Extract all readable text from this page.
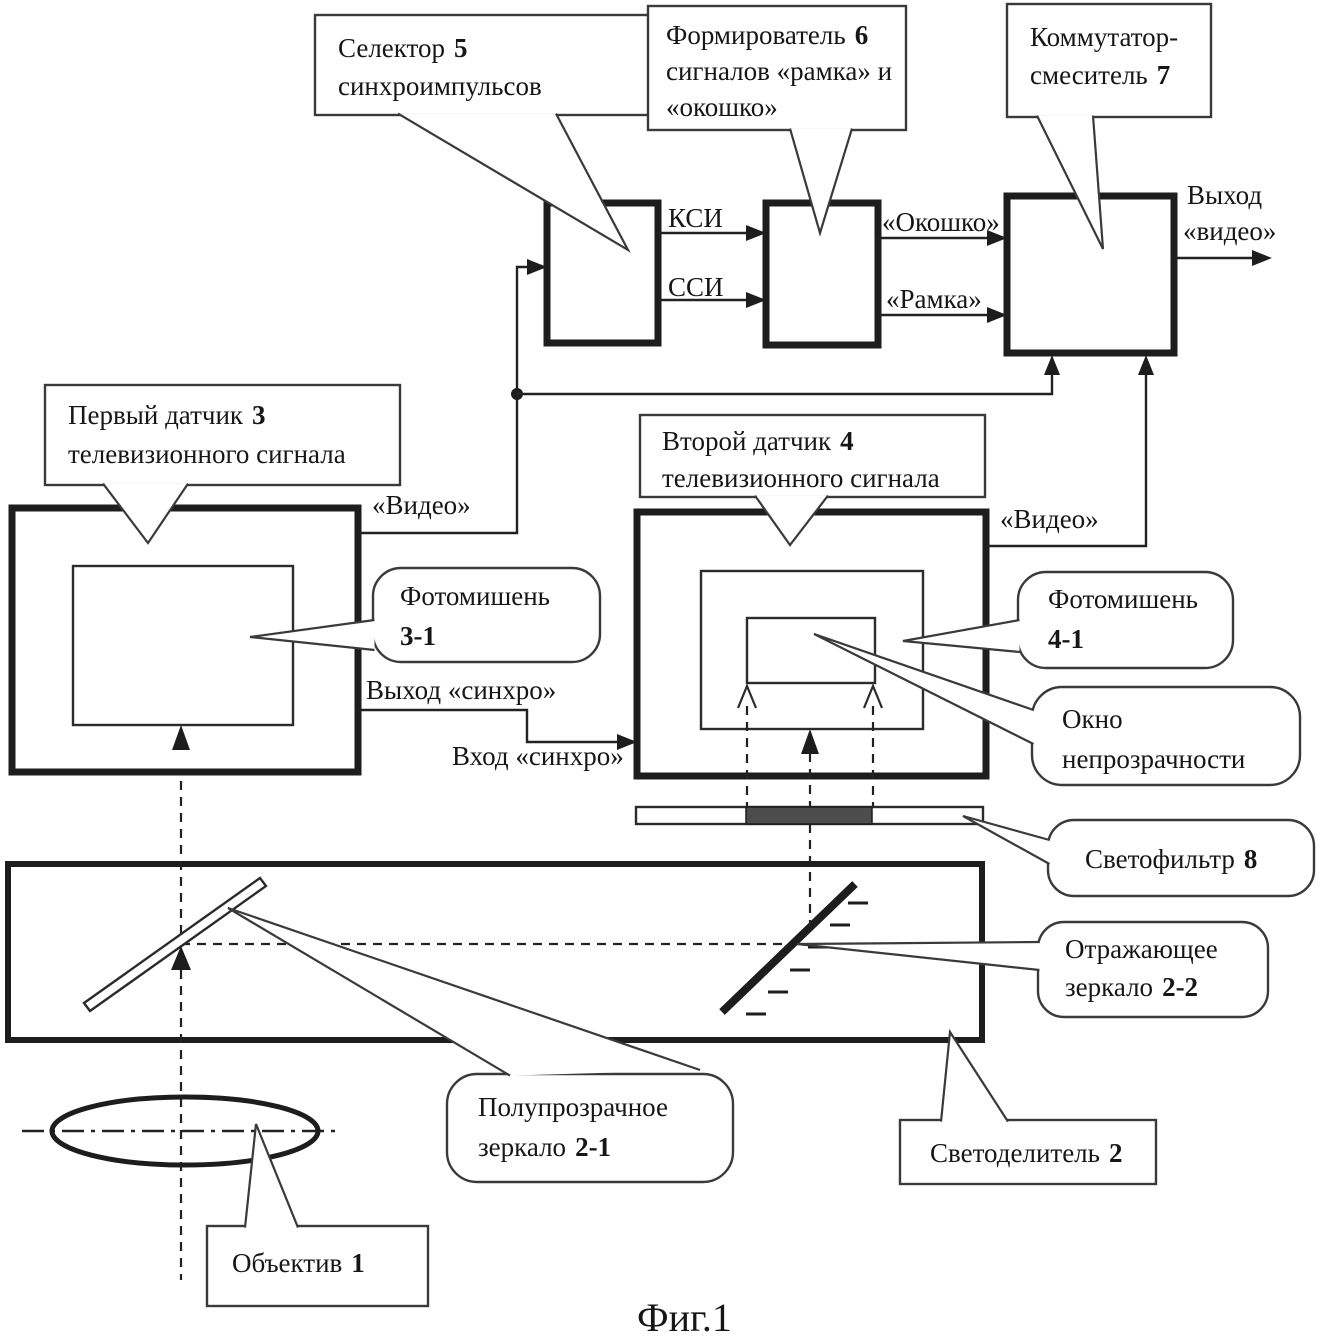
Селектор 5
синхроимпульсов
Формирователь 6
сигналов «рамка» и
«окошко»
Коммутатор-
смеситель 7
Первый датчик 3
телевизионного сигнала	Второй датчик 4
телевизионного сигнала
Объектив 1
Светоделитель 2
Фотомишень
3-1
Фотомишень
4-1
Окно
непрозрачности
Светофильтр 8
Отражающее
зеркало 2-2
Полупрозрачное
зеркало 2-1
КСИ
ССИ
«Окошко»
«Рамка»
Выход
«видео»
«Видео»	«Видео»
Выход «синхро»
Вход «синхро»
Фиг.1
